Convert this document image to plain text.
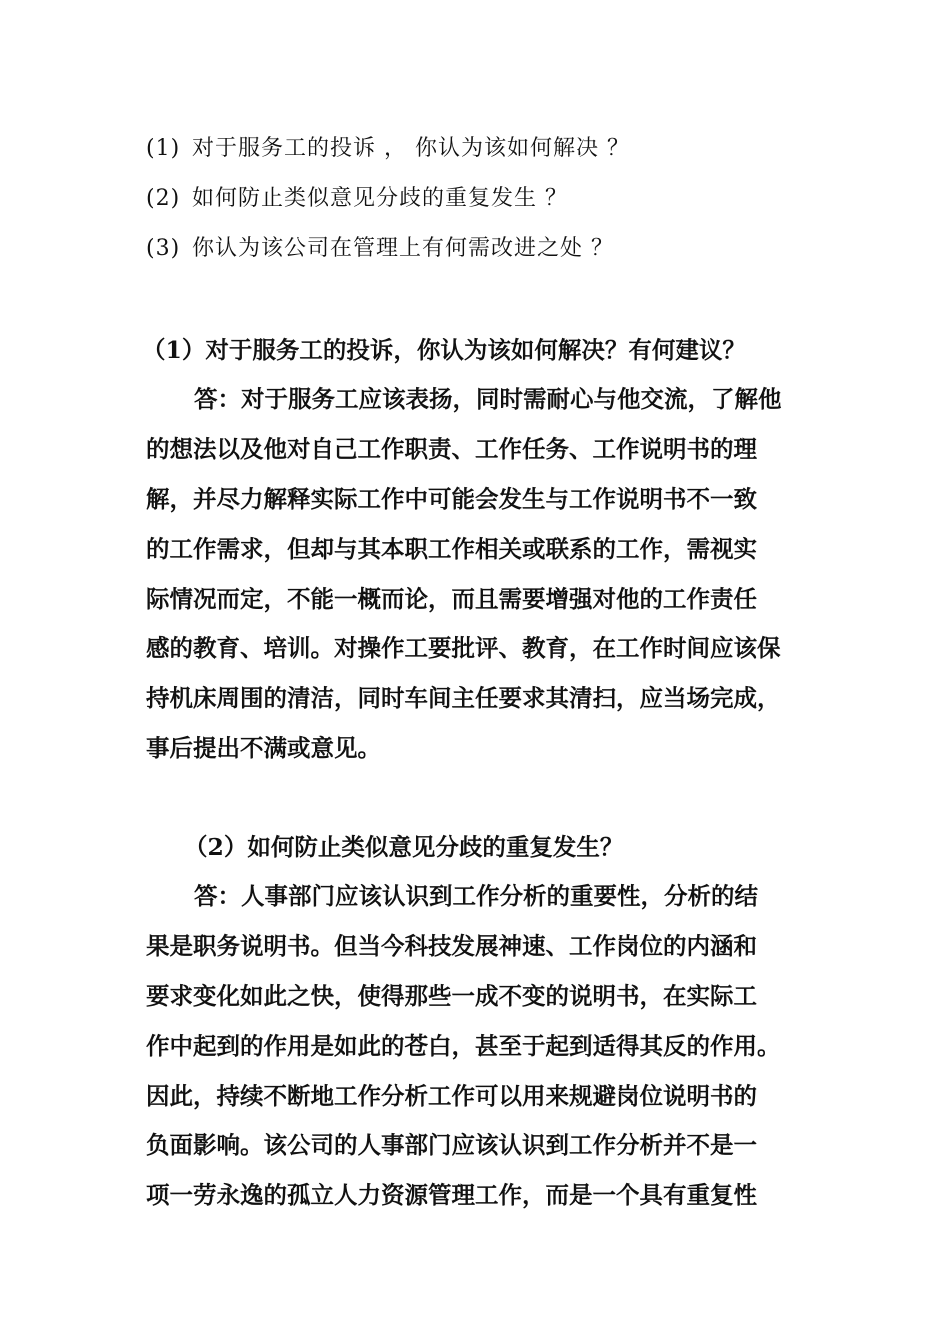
(1) 对于服务工的投诉 ， 你认为该如何解决 ？
(2) 如何防止类似意见分歧的重复发生 ？
(3) 你认为该公司在管理上有何需改进之处 ？
（1）对于服务工的投诉，你认为该如何解决？有何建议？
答：对于服务工应该表扬，同时需耐心与他交流，了解他
的想法以及他对自己工作职责、工作任务、工作说明书的理
解，并尽力解释实际工作中可能会发生与工作说明书不一致
的工作需求，但却与其本职工作相关或联系的工作，需视实
际情况而定，不能一概而论，而且需要增强对他的工作责任
感的教育、培训。对操作工要批评、教育，在工作时间应该保
持机床周围的清洁，同时车间主任要求其清扫，应当场完成，
事后提出不满或意见。
（2）如何防止类似意见分歧的重复发生？
答：人事部门应该认识到工作分析的重要性，分析的结
果是职务说明书。但当今科技发展神速、工作岗位的内涵和
要求变化如此之快，使得那些一成不变的说明书，在实际工
作中起到的作用是如此的苍白，甚至于起到适得其反的作用。
因此，持续不断地工作分析工作可以用来规避岗位说明书的
负面影响。该公司的人事部门应该认识到工作分析并不是一
项一劳永逸的孤立人力资源管理工作，而是一个具有重复性
